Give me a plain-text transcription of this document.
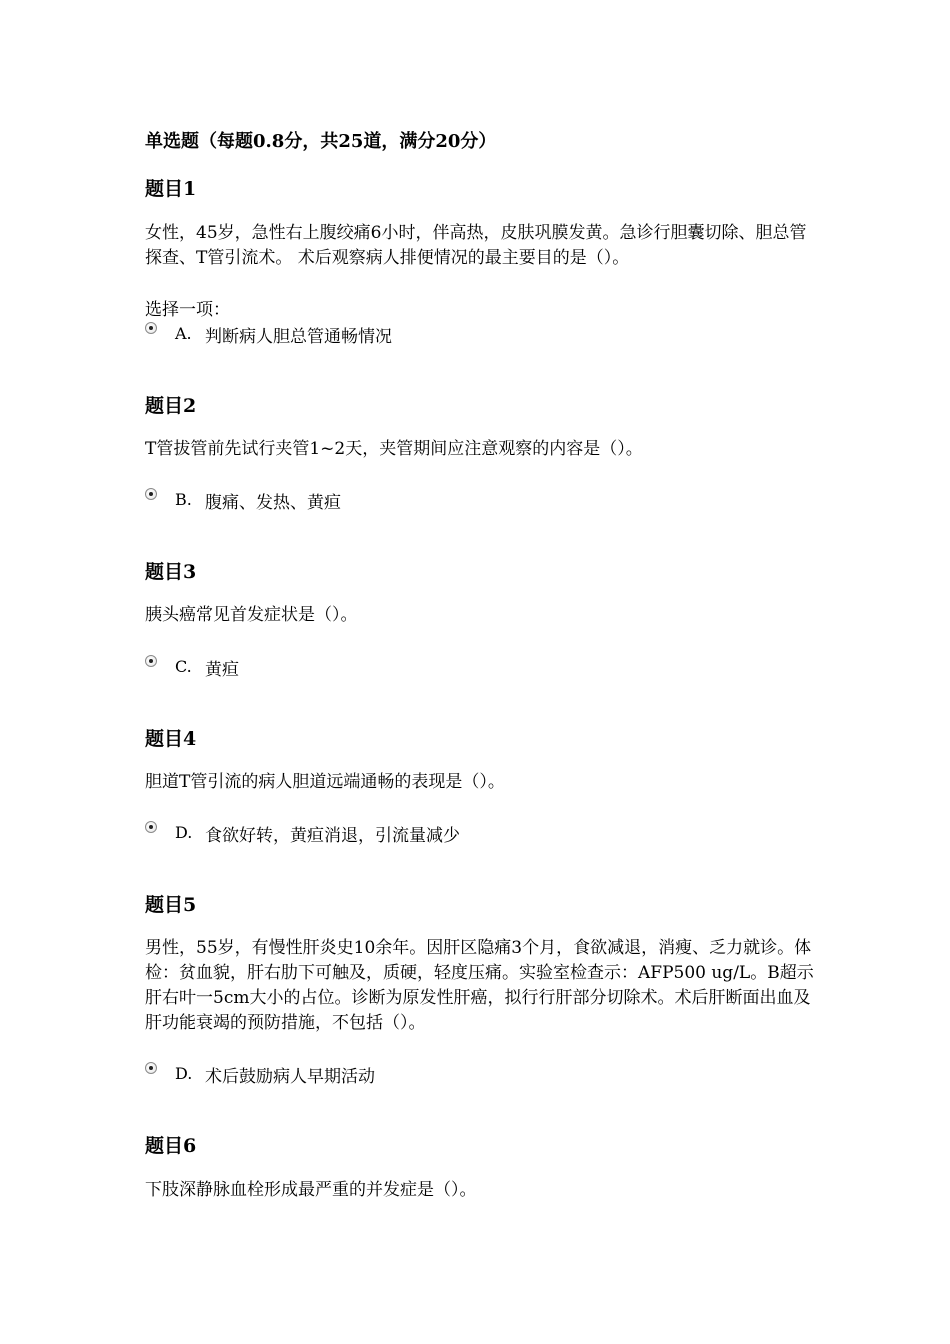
单选题（每题0.8分，共25道，满分20分）
题目1
女性，45岁，急性右上腹绞痛6小时，伴高热，皮肤巩膜发黄。急诊行胆囊切除、胆总管探查、T管引流术。 术后观察病人排便情况的最主要目的是（）。
选择一项：
A. 判断病人胆总管通畅情况
题目2
T管拔管前先试行夹管1~2天，夹管期间应注意观察的内容是（）。
B. 腹痛、发热、黄疸
题目3
胰头癌常见首发症状是（）。
C. 黄疸
题目4
胆道T管引流的病人胆道远端通畅的表现是（）。
D. 食欲好转，黄疸消退，引流量减少
题目5
男性，55岁，有慢性肝炎史10余年。因肝区隐痛3个月，食欲减退，消瘦、乏力就诊。体检：贫血貌，肝右肋下可触及，质硬，轻度压痛。实验室检查示：AFP500 ug/L。B超示肝右叶一5cm大小的占位。诊断为原发性肝癌，拟行行肝部分切除术。术后肝断面出血及肝功能衰竭的预防措施，不包括（）。
D. 术后鼓励病人早期活动
题目6
下肢深静脉血栓形成最严重的并发症是（）。
